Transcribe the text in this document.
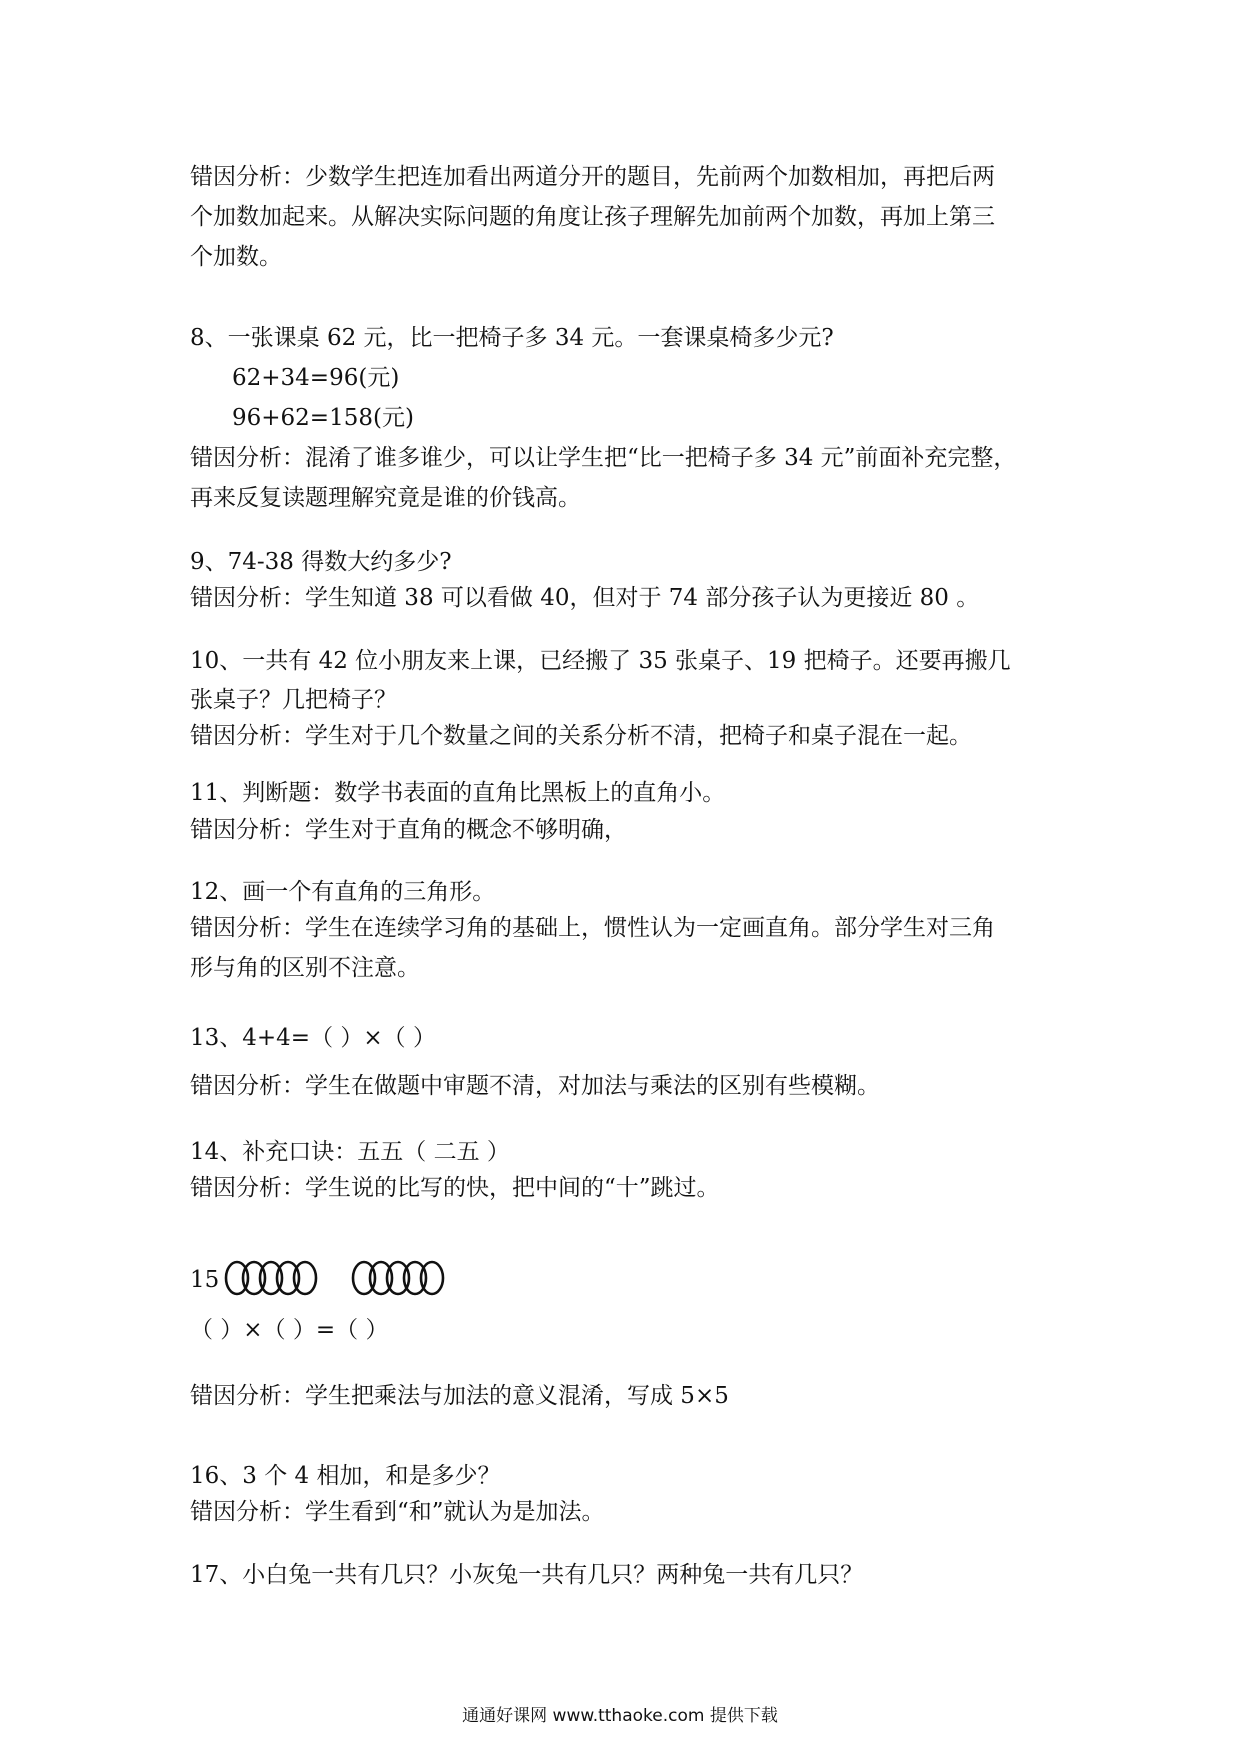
错因分析：少数学生把连加看出两道分开的题目，先前两个加数相加，再把后两
个加数加起来。从解决实际问题的角度让孩子理解先加前两个加数，再加上第三
个加数。
8、一张课桌 62 元，比一把椅子多 34 元。一套课桌椅多少元?
62+34=96(元)
96+62=158(元)
错因分析：混淆了谁多谁少，可以让学生把“比一把椅子多 34 元”前面补充完整，
再来反复读题理解究竟是谁的价钱高。
9、74-38 得数大约多少?
错因分析：学生知道 38 可以看做 40，但对于 74 部分孩子认为更接近 80 。
10、一共有 42 位小朋友来上课，已经搬了 35 张桌子、19 把椅子。还要再搬几
张桌子？几把椅子？
错因分析：学生对于几个数量之间的关系分析不清，把椅子和桌子混在一起。
11、判断题：数学书表面的直角比黑板上的直角小。
错因分析：学生对于直角的概念不够明确，
12、画一个有直角的三角形。
错因分析：学生在连续学习角的基础上，惯性认为一定画直角。部分学生对三角
形与角的区别不注意。
13、4+4=（ ）×（ ）
错因分析：学生在做题中审题不清，对加法与乘法的区别有些模糊。
14、补充口诀：五五（ 二五 ）
错因分析：学生说的比写的快，把中间的“十”跳过。
15
（ ）×（ ）=（ ）
错因分析：学生把乘法与加法的意义混淆，写成 5×5
16、3 个 4 相加，和是多少？
错因分析：学生看到“和”就认为是加法。
17、小白兔一共有几只？小灰兔一共有几只？两种兔一共有几只？
通通好课网 www.tthaoke.com 提供下载
